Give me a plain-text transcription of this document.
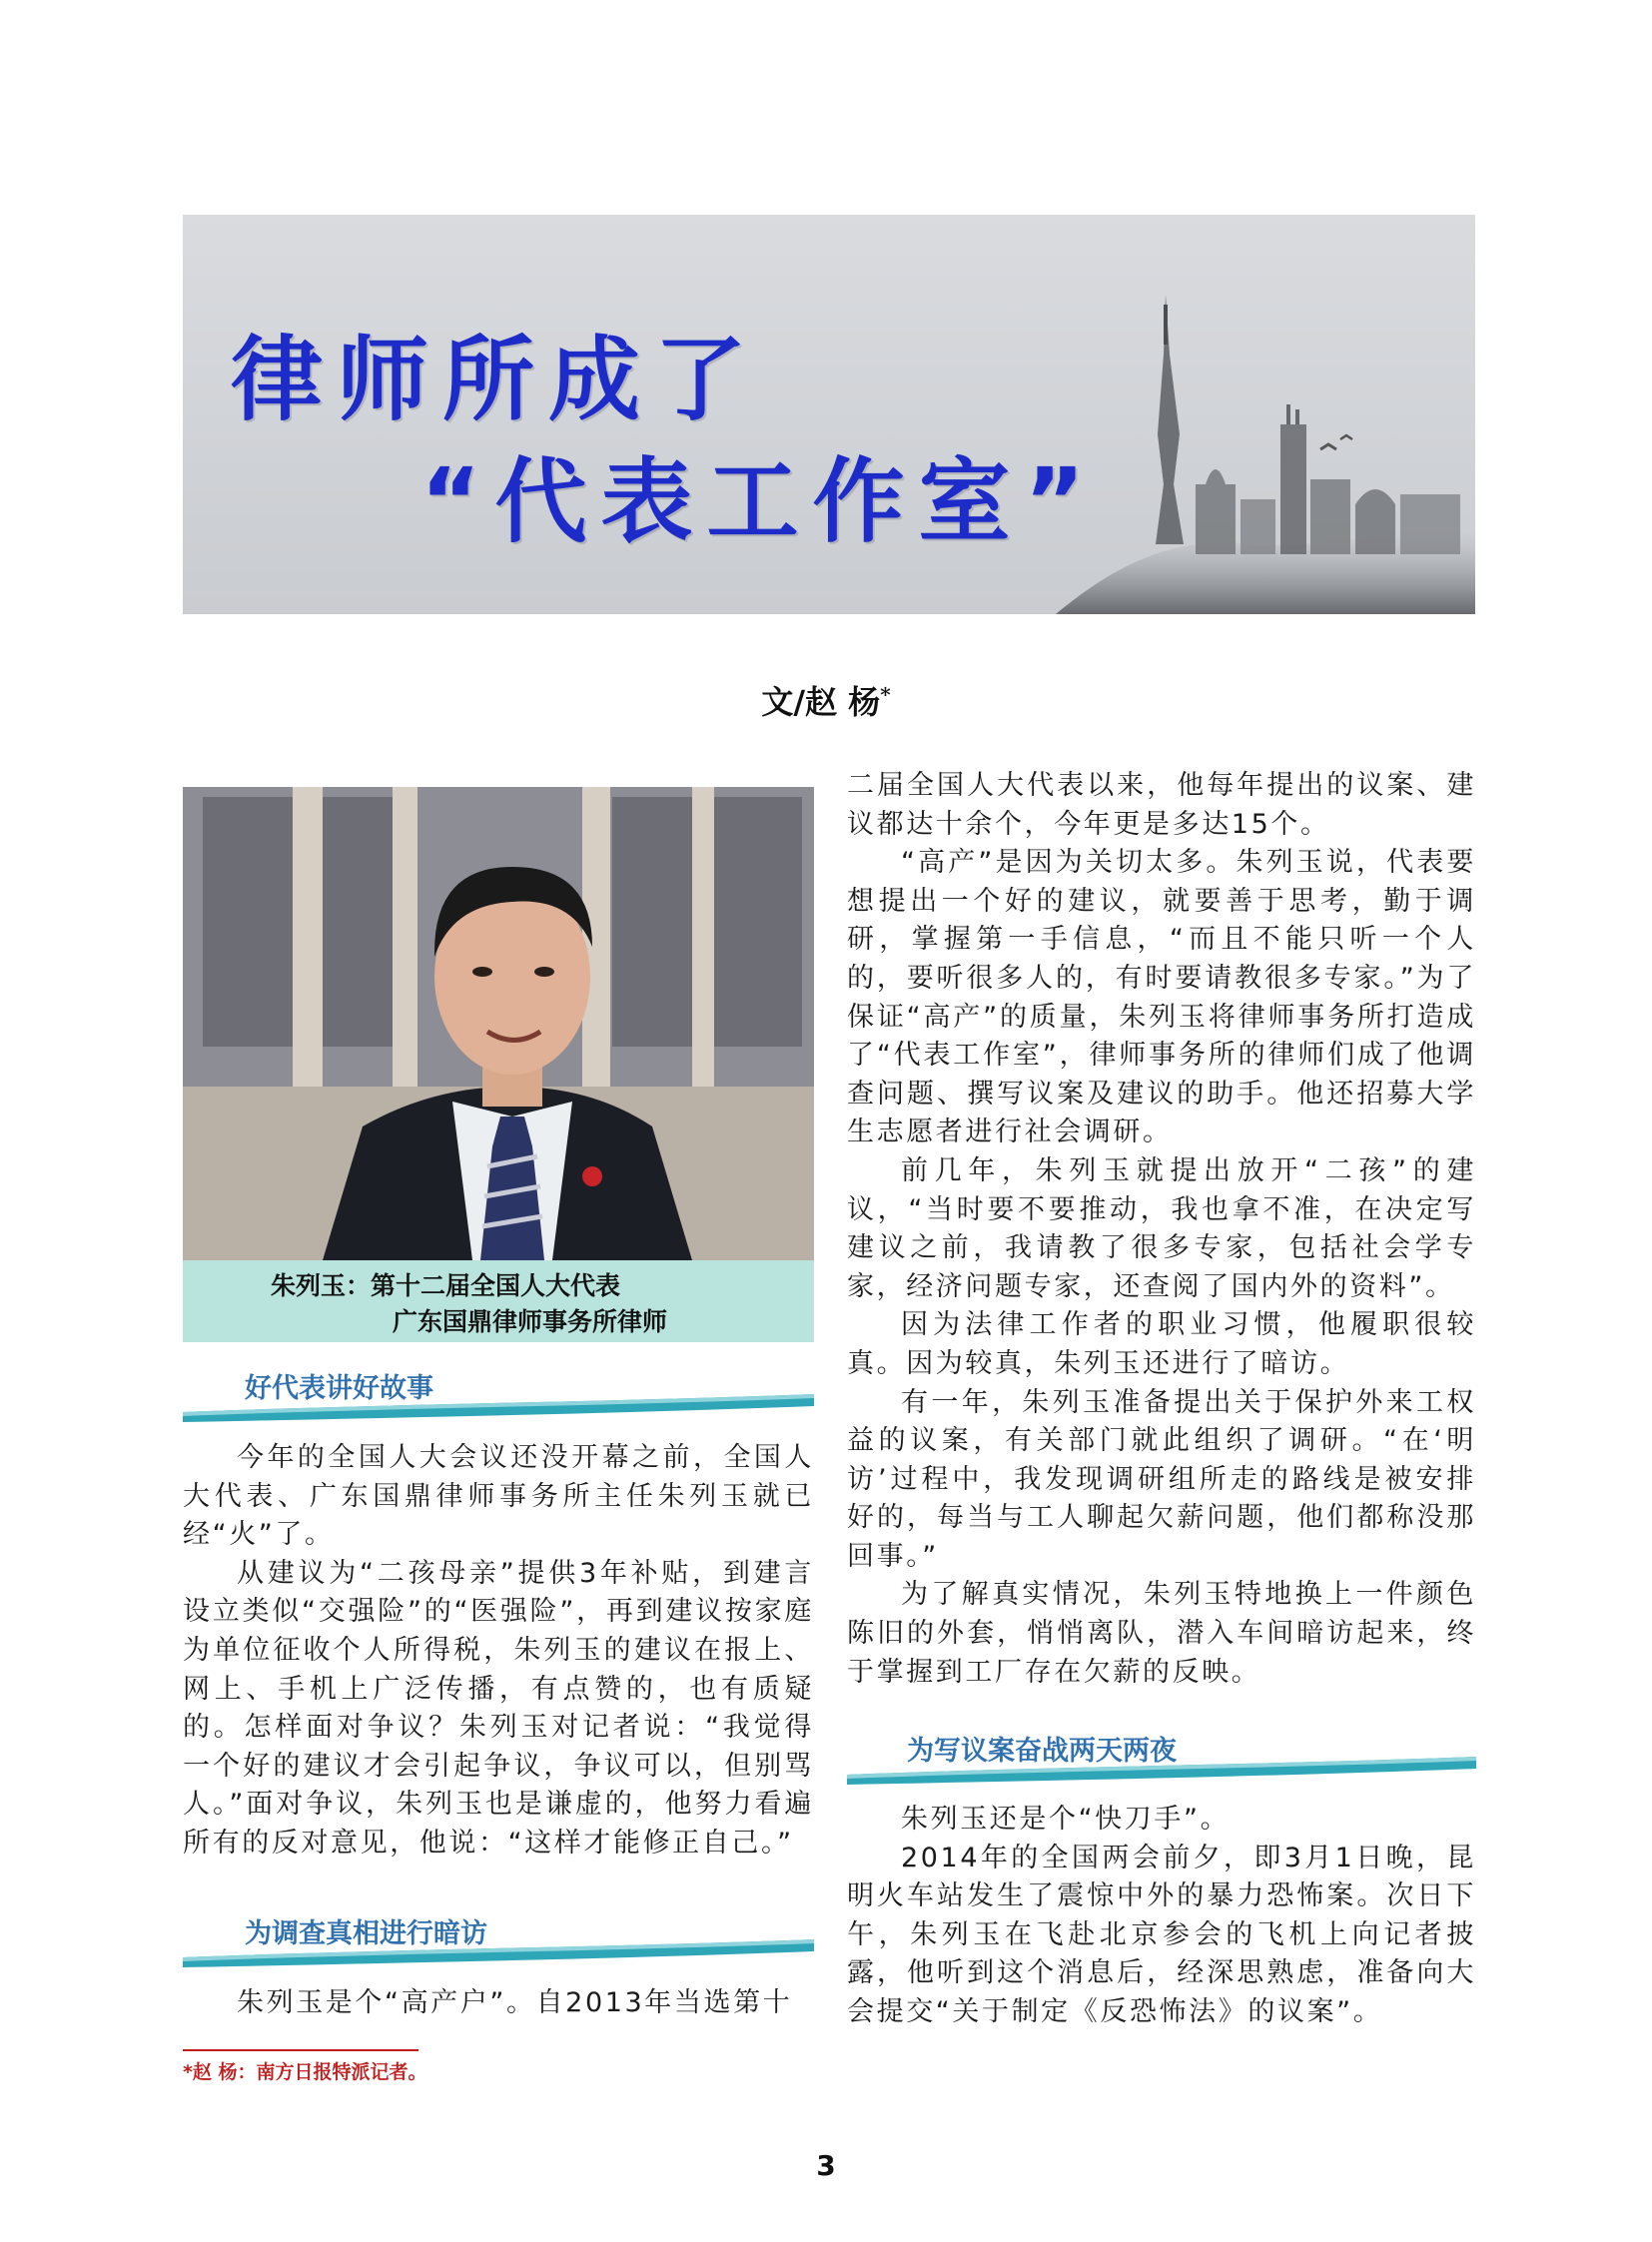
律师所成了
“代表工作室”
文/赵 杨*
朱列玉：第十二届全国人大代表
广东国鼎律师事务所律师
好代表讲好故事

今年的全国人大会议还没开幕之前，全国人大代表、广东国鼎律师事务所主任朱列玉就已经“火”了。

从建议为“二孩母亲”提供3年补贴，到建言设立类似“交强险”的“医强险”，再到建议按家庭为单位征收个人所得税，朱列玉的建议在报上、网上、手机上广泛传播，有点赞的，也有质疑的。怎样面对争议？朱列玉对记者说：“我觉得一个好的建议才会引起争议，争议可以，但别骂人。”面对争议，朱列玉也是谦虚的，他努力看遍所有的反对意见，他说：“这样才能修正自己。”

为调查真相进行暗访

朱列玉是个“高产户”。自2013年当选第十

二届全国人大代表以来，他每年提出的议案、建议都达十余个，今年更是多达15个。

“高产”是因为关切太多。朱列玉说，代表要想提出一个好的建议，就要善于思考，勤于调研，掌握第一手信息，“而且不能只听一个人的，要听很多人的，有时要请教很多专家。”为了保证“高产”的质量，朱列玉将律师事务所打造成了“代表工作室”，律师事务所的律师们成了他调查问题、撰写议案及建议的助手。他还招募大学生志愿者进行社会调研。

前几年，朱列玉就提出放开“二孩”的建议，“当时要不要推动，我也拿不准，在决定写建议之前，我请教了很多专家，包括社会学专家，经济问题专家，还查阅了国内外的资料”。

因为法律工作者的职业习惯，他履职很较真。因为较真，朱列玉还进行了暗访。

有一年，朱列玉准备提出关于保护外来工权益的议案，有关部门就此组织了调研。“在‘明访’过程中，我发现调研组所走的路线是被安排好的，每当与工人聊起欠薪问题，他们都称没那回事。”

为了解真实情况，朱列玉特地换上一件颜色陈旧的外套，悄悄离队，潜入车间暗访起来，终于掌握到工厂存在欠薪的反映。

为写议案奋战两天两夜

朱列玉还是个“快刀手”。

2014年的全国两会前夕，即3月1日晚，昆明火车站发生了震惊中外的暴力恐怖案。次日下午，朱列玉在飞赴北京参会的飞机上向记者披露，他听到这个消息后，经深思熟虑，准备向大会提交“关于制定《反恐怖法》的议案”。

*赵 杨：南方日报特派记者。
3
